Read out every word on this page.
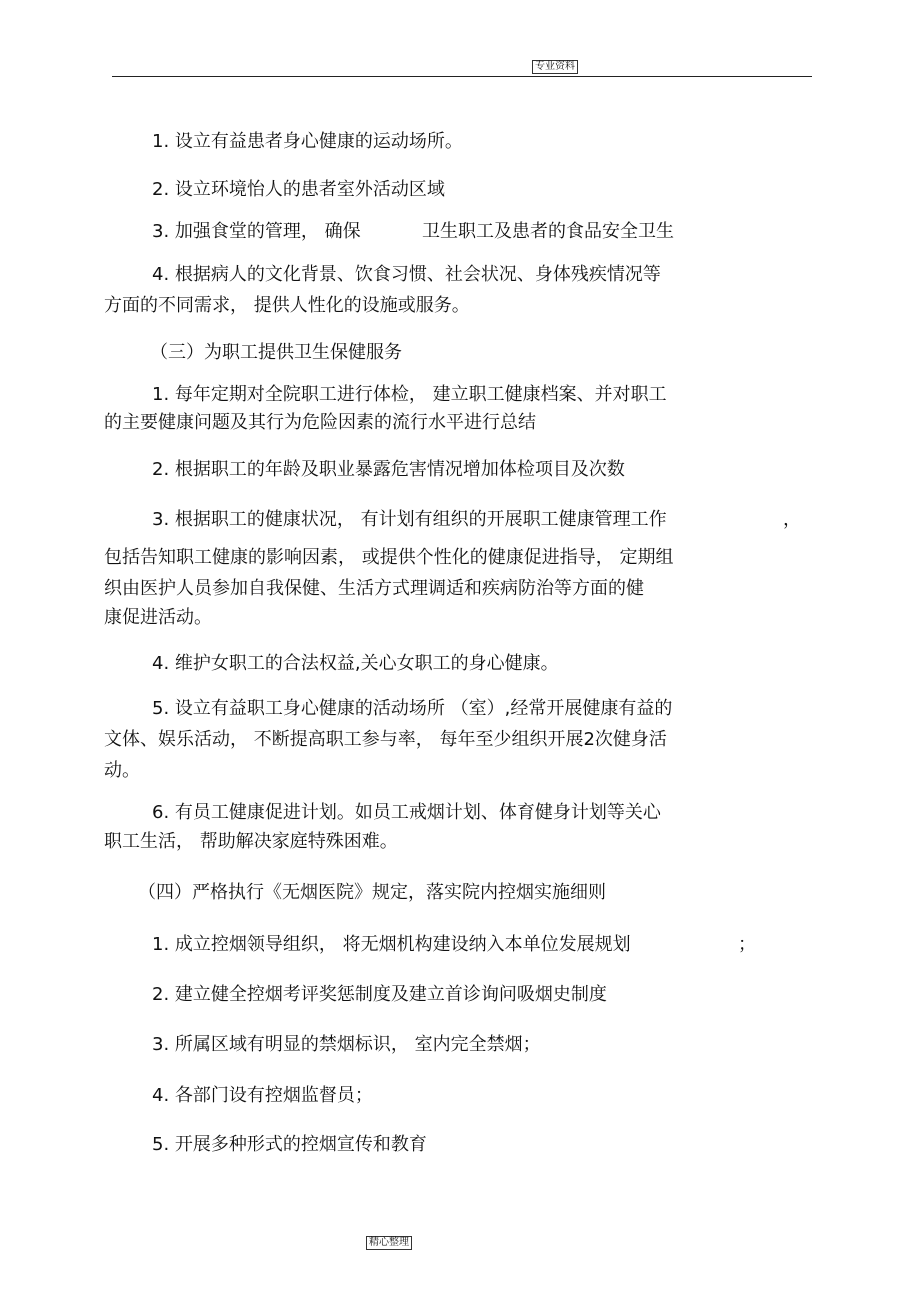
专业资料
1. 设立有益患者身心健康的运动场所。
2. 设立环境怡人的患者室外活动区域
3. 加强食堂的管理， 确保	卫生职工及患者的食品安全卫生
4. 根据病人的文化背景、饮食习惯、社会状况、身体残疾情况等
方面的不同需求， 提供人性化的设施或服务。
（三）为职工提供卫生保健服务
1. 每年定期对全院职工进行体检， 建立职工健康档案、并对职工
的主要健康问题及其行为危险因素的流行水平进行总结
2. 根据职工的年龄及职业暴露危害情况增加体检项目及次数
3. 根据职工的健康状况， 有计划有组织的开展职工健康管理工作	，
包括告知职工健康的影响因素， 或提供个性化的健康促进指导， 定期组
织由医护人员参加自我保健、生活方式理调适和疾病防治等方面的健
康促进活动。
4. 维护女职工的合法权益,关心女职工的身心健康。
5. 设立有益职工身心健康的活动场所 （室）,经常开展健康有益的
文体、娱乐活动， 不断提高职工参与率， 每年至少组织开展2次健身活
动。
6. 有员工健康促进计划。如员工戒烟计划、体育健身计划等关心
职工生活， 帮助解决家庭特殊困难。
（四）严格执行《无烟医院》规定，落实院内控烟实施细则
1. 成立控烟领导组织， 将无烟机构建设纳入本单位发展规划	；
2. 建立健全控烟考评奖惩制度及建立首诊询问吸烟史制度
3. 所属区域有明显的禁烟标识， 室内完全禁烟；
4. 各部门设有控烟监督员；
5. 开展多种形式的控烟宣传和教育
精心整理
